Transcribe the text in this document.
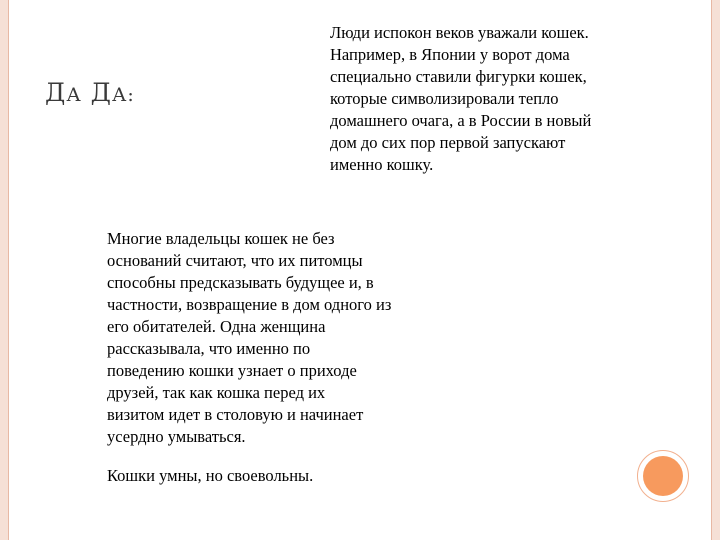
ДА ДА:
Люди испокон веков уважали кошек.
Например, в Японии у ворот дома
специально ставили фигурки кошек,
которые символизировали тепло
домашнего очага, а в России в новый
дом до сих пор первой запускают
именно кошку.
Многие владельцы кошек не без
оснований считают, что их питомцы
способны предсказывать будущее и, в
частности, возвращение в дом одного из
его обитателей. Одна женщина
рассказывала, что именно по
поведению кошки узнает о приходе
друзей, так как кошка перед их
визитом идет в столовую и начинает
усердно умываться.
Кошки умны, но своевольны.
